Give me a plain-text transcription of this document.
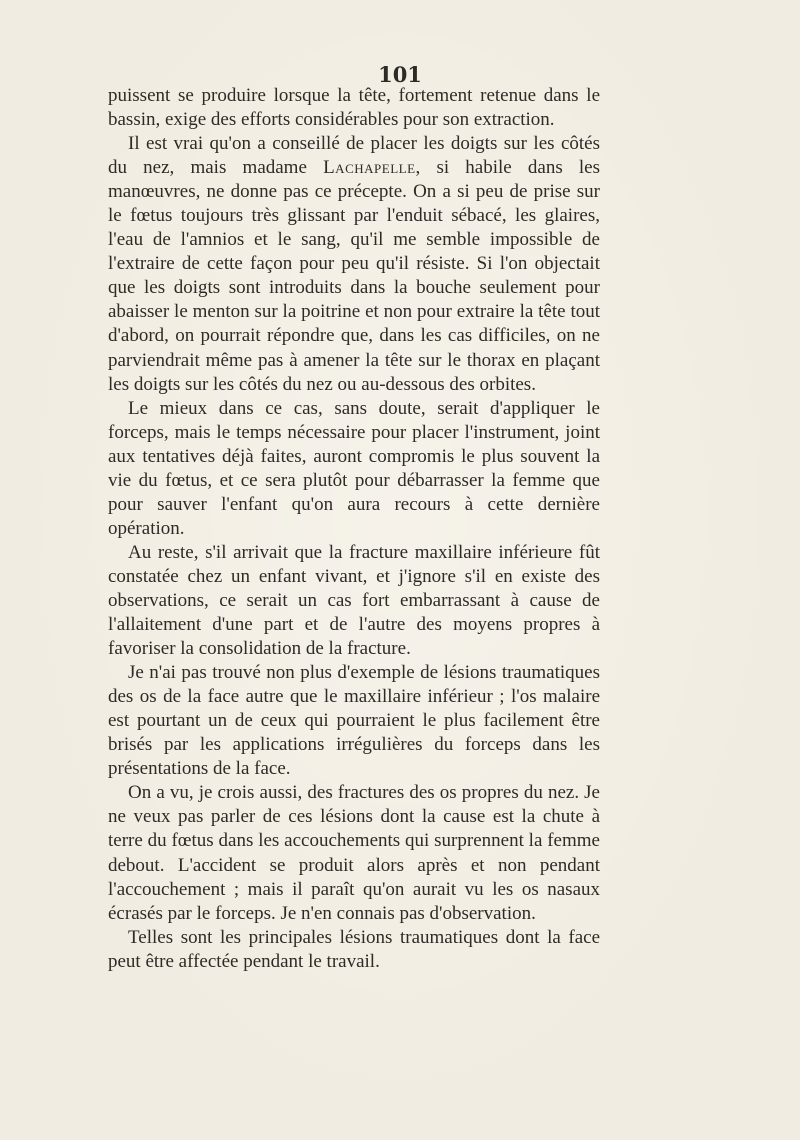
101

puissent se produire lorsque la tête, fortement retenue dans le bassin, exige des efforts considérables pour son extraction.

Il est vrai qu'on a conseillé de placer les doigts sur les côtés du nez, mais madame Lachapelle, si habile dans les manœuvres, ne donne pas ce précepte. On a si peu de prise sur le fœtus toujours très glissant par l'enduit sébacé, les glaires, l'eau de l'amnios et le sang, qu'il me semble impossible de l'extraire de cette façon pour peu qu'il résiste. Si l'on objectait que les doigts sont introduits dans la bouche seulement pour abaisser le menton sur la poitrine et non pour extraire la tête tout d'abord, on pourrait répondre que, dans les cas difficiles, on ne parviendrait même pas à amener la tête sur le thorax en plaçant les doigts sur les côtés du nez ou au-dessous des orbites.

Le mieux dans ce cas, sans doute, serait d'appliquer le forceps, mais le temps nécessaire pour placer l'instrument, joint aux tentatives déjà faites, auront compromis le plus souvent la vie du fœtus, et ce sera plutôt pour débarrasser la femme que pour sauver l'enfant qu'on aura recours à cette dernière opération.

Au reste, s'il arrivait que la fracture maxillaire inférieure fût constatée chez un enfant vivant, et j'ignore s'il en existe des observations, ce serait un cas fort embarrassant à cause de l'allaitement d'une part et de l'autre des moyens propres à favoriser la consolidation de la fracture.

Je n'ai pas trouvé non plus d'exemple de lésions traumatiques des os de la face autre que le maxillaire inférieur ; l'os malaire est pourtant un de ceux qui pourraient le plus facilement être brisés par les applications irrégulières du forceps dans les présentations de la face.

On a vu, je crois aussi, des fractures des os propres du nez. Je ne veux pas parler de ces lésions dont la cause est la chute à terre du fœtus dans les accouchements qui surprennent la femme debout. L'accident se produit alors après et non pendant l'accouchement ; mais il paraît qu'on aurait vu les os nasaux écrasés par le forceps. Je n'en connais pas d'observation.

Telles sont les principales lésions traumatiques dont la face peut être affectée pendant le travail.
